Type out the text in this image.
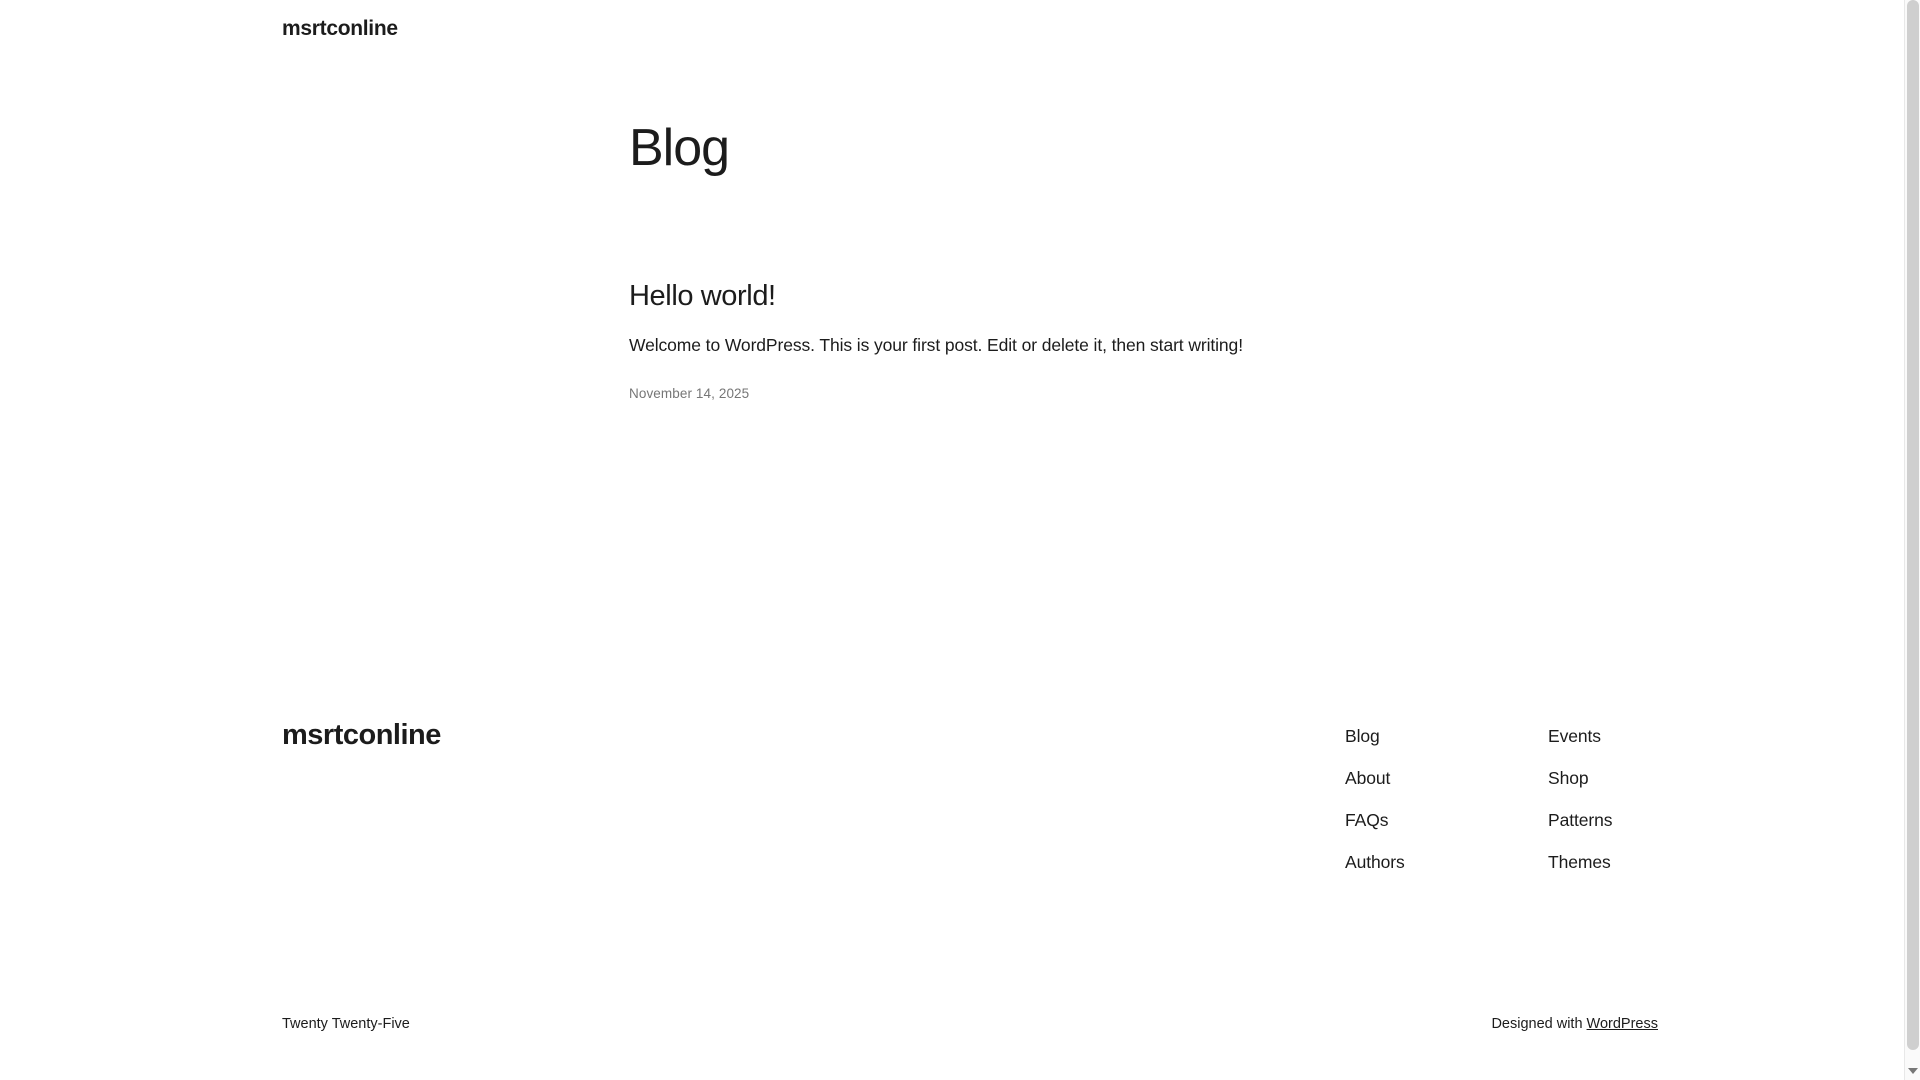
msrtconline
Blog
Hello world!

Welcome to WordPress. This is your first post. Edit or delete it, then start writing!

November 14, 2025
msrtconline	Blog
About
FAQs
Authors
Events
Shop
Patterns
Themes
Twenty Twenty-Five	Designed with WordPress
